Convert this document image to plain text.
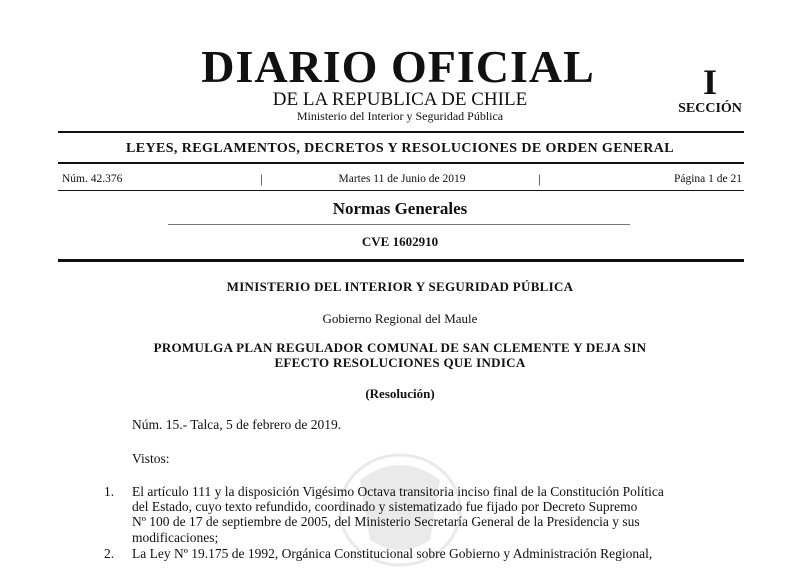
DIARIO OFICIAL
DE LA REPUBLICA DE CHILE
Ministerio del Interior y Seguridad Pública
I
SECCIÓN
LEYES, REGLAMENTOS, DECRETOS Y RESOLUCIONES DE ORDEN GENERAL
Núm. 42.376	|	Martes 11 de Junio de 2019	|	Página 1 de 21
Normas Generales
CVE 1602910
MINISTERIO DEL INTERIOR Y SEGURIDAD PÚBLICA
Gobierno Regional del Maule
PROMULGA PLAN REGULADOR COMUNAL DE SAN CLEMENTE Y DEJA SIN
EFECTO RESOLUCIONES QUE INDICA
(Resolución)
Núm. 15.- Talca, 5 de febrero de 2019.
Vistos:
1. El artículo 111 y la disposición Vigésimo Octava transitoria inciso final de la Constitución Política
del Estado, cuyo texto refundido, coordinado y sistematizado fue fijado por Decreto Supremo
Nº 100 de 17 de septiembre de 2005, del Ministerio Secretaría General de la Presidencia y sus
modificaciones;
2. La Ley Nº 19.175 de 1992, Orgánica Constitucional sobre Gobierno y Administración Regional,
